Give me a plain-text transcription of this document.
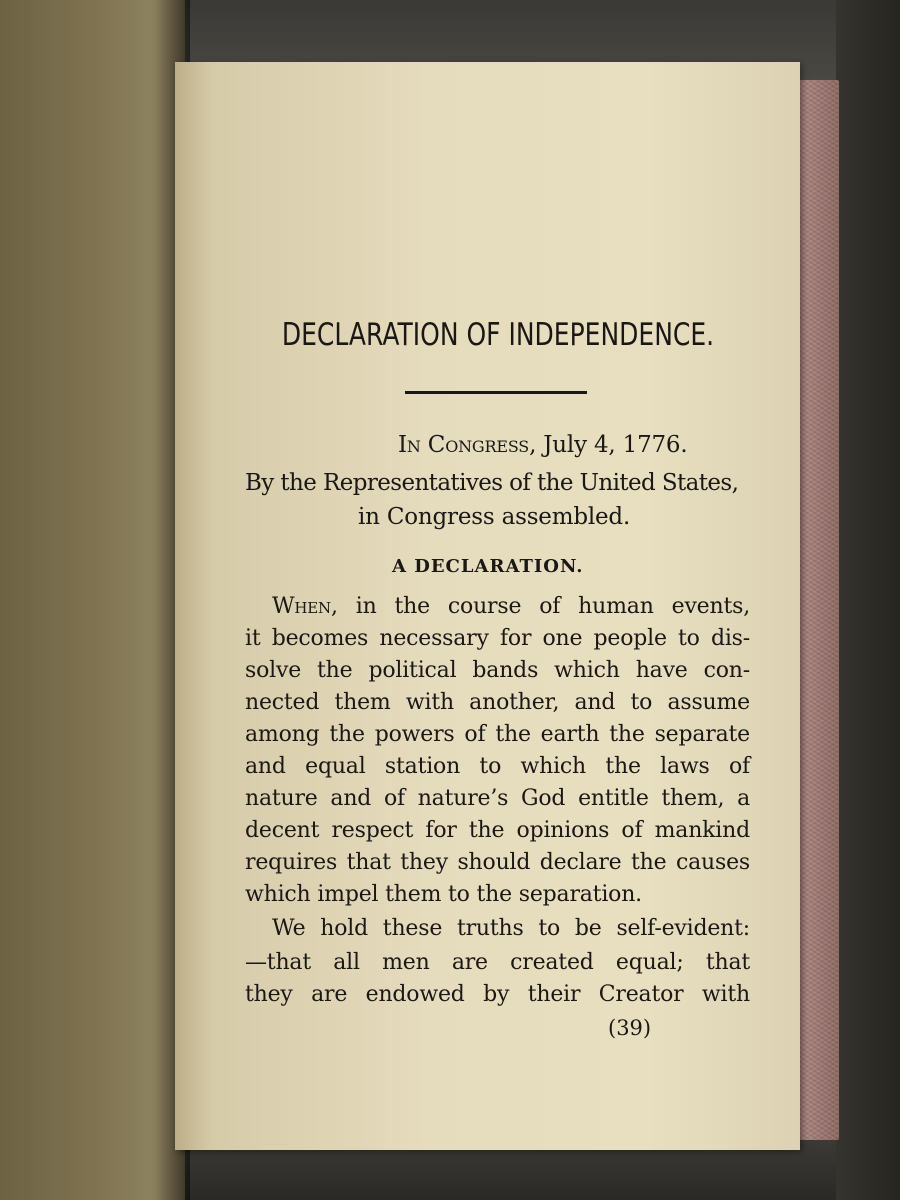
DECLARATION OF INDEPENDENCE.
In Congress, July 4, 1776.
By the Representatives of the United States,
in Congress assembled.
A DECLARATION.
When, in the course of human events,
it becomes necessary for one people to dis-
solve the political bands which have con-
nected them with another, and to assume
among the powers of the earth the separate
and equal station to which the laws of
nature and of nature’s God entitle them, a
decent respect for the opinions of mankind
requires that they should declare the causes
which impel them to the separation.
We hold these truths to be self-evident:
—that all men are created equal; that
they are endowed by their Creator with
(39)
